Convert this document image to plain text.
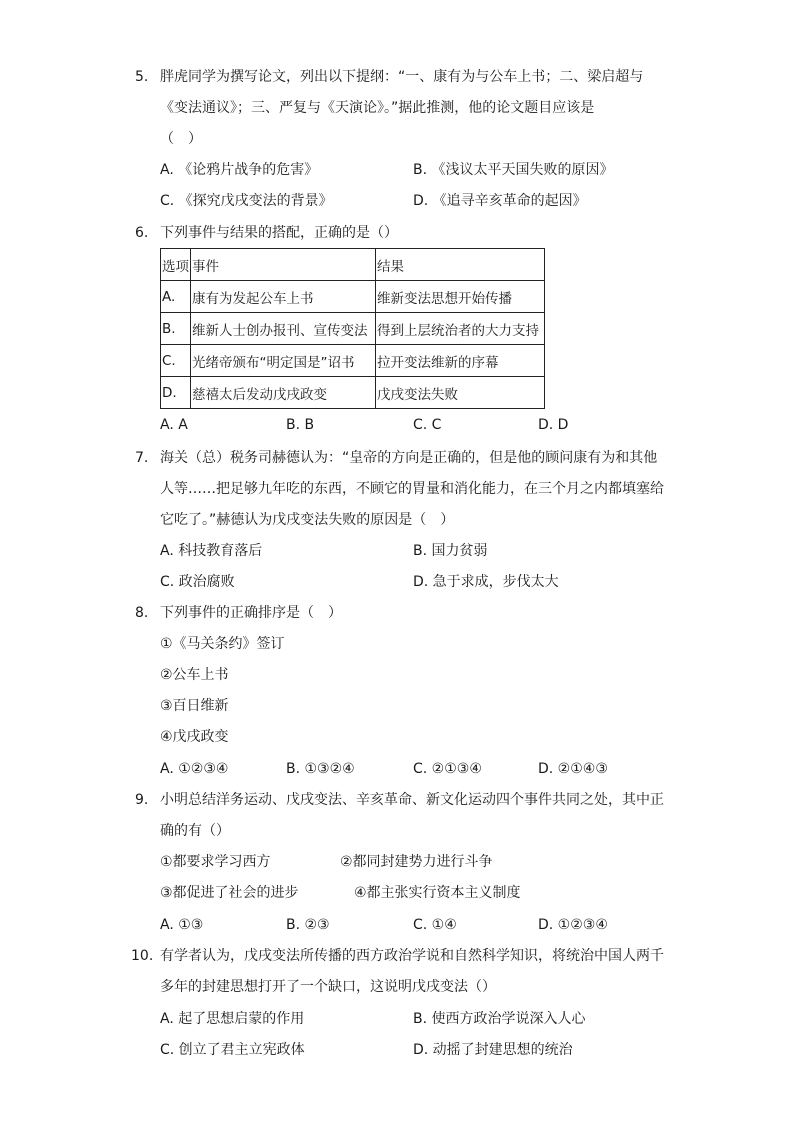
5. 胖虎同学为撰写论文，列出以下提纲：“一、康有为与公车上书；二、梁启超与
《变法通议》；三、严复与《天演论》。”据此推测，他的论文题目应该是
（　）
A. 《论鸦片战争的危害》	B. 《浅议太平天国失败的原因》
C. 《探究戊戌变法的背景》	D. 《追寻辛亥革命的起因》
6. 下列事件与结果的搭配，正确的是（）
选项	事件	结果
A.	康有为发起公车上书	维新变法思想开始传播
B.	维新人士创办报刊、宣传变法	得到上层统治者的大力支持
C.	光绪帝颁布“明定国是”诏书	拉开变法维新的序幕
D.	慈禧太后发动戊戌政变	戊戌变法失败
A. A	B. B	C. C	D. D
7. 海关（总）税务司赫德认为：“皇帝的方向是正确的，但是他的顾问康有为和其他
人等……把足够九年吃的东西，不顾它的胃量和消化能力，在三个月之内都填塞给
它吃了。”赫德认为戊戌变法失败的原因是（　）
A. 科技教育落后	B. 国力贫弱
C. 政治腐败	D. 急于求成，步伐太大
8. 下列事件的正确排序是（　）
①《马关条约》签订
②公车上书
③百日维新
④戊戌政变
A. ①②③④	B. ①③②④	C. ②①③④	D. ②①④③
9. 小明总结洋务运动、戊戌变法、辛亥革命、新文化运动四个事件共同之处，其中正
确的有（）
①都要求学习西方	②都同封建势力进行斗争
③都促进了社会的进步	④都主张实行资本主义制度
A. ①③	B. ②③	C. ①④	D. ①②③④
10. 有学者认为，戊戌变法所传播的西方政治学说和自然科学知识，将统治中国人两千
多年的封建思想打开了一个缺口，这说明戊戌变法（）
A. 起了思想启蒙的作用	B. 使西方政治学说深入人心
C. 创立了君主立宪政体	D. 动摇了封建思想的统治
